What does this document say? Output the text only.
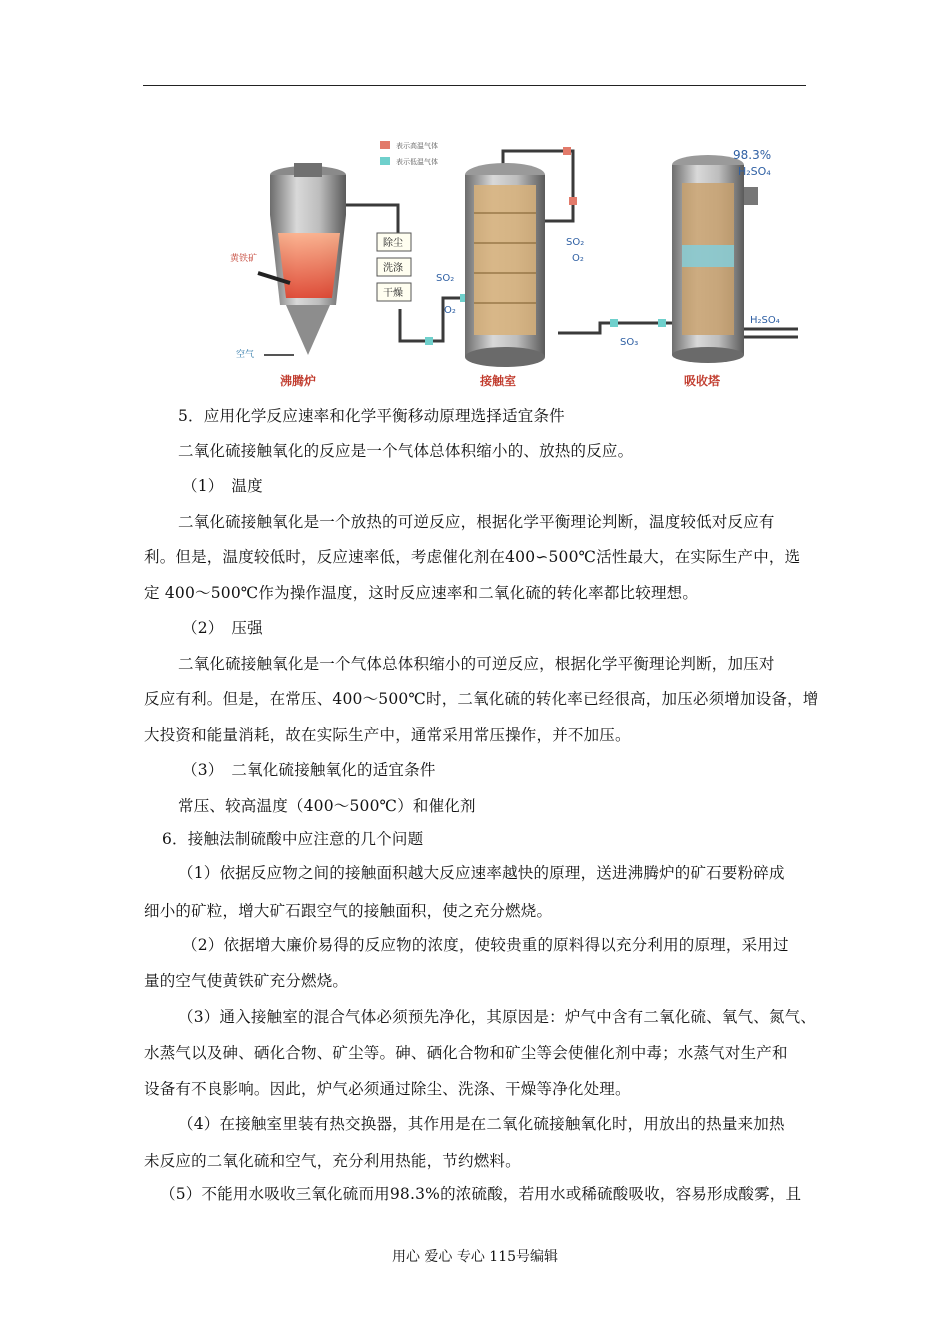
表示高温气体
表示低温气体
黄铁矿
空气
除尘
洗涤
干燥
SO₂
O₂
SO₂
O₂
SO₃
98.3%
H₂SO₄
H₂SO₄
沸腾炉	接触室	吸收塔
5．应用化学反应速率和化学平衡移动原理选择适宜条件
二氧化硫接触氧化的反应是一个气体总体积缩小的、放热的反应。
（1）　温度
二氧化硫接触氧化是一个放热的可逆反应，根据化学平衡理论判断，温度较低对反应有
利。但是，温度较低时，反应速率低，考虑催化剂在400∽500℃活性最大，在实际生产中，选
定 400～500℃作为操作温度，这时反应速率和二氧化硫的转化率都比较理想。
（2）　压强
二氧化硫接触氧化是一个气体总体积缩小的可逆反应，根据化学平衡理论判断，加压对
反应有利。但是，在常压、400～500℃时，二氧化硫的转化率已经很高，加压必须增加设备，增
大投资和能量消耗，故在实际生产中，通常采用常压操作，并不加压。
（3）　二氧化硫接触氧化的适宜条件
常压、较高温度（400～500℃）和催化剂
6．接触法制硫酸中应注意的几个问题
（1）依据反应物之间的接触面积越大反应速率越快的原理，送进沸腾炉的矿石要粉碎成
细小的矿粒，增大矿石跟空气的接触面积，使之充分燃烧。
（2）依据增大廉价易得的反应物的浓度，使较贵重的原料得以充分利用的原理，采用过
量的空气使黄铁矿充分燃烧。
（3）通入接触室的混合气体必须预先净化，其原因是：炉气中含有二氧化硫、氧气、氮气、
水蒸气以及砷、硒化合物、矿尘等。砷、硒化合物和矿尘等会使催化剂中毒；水蒸气对生产和
设备有不良影响。因此，炉气必须通过除尘、洗涤、干燥等净化处理。
（4）在接触室里装有热交换器，其作用是在二氧化硫接触氧化时，用放出的热量来加热
未反应的二氧化硫和空气，充分利用热能，节约燃料。
（5）不能用水吸收三氧化硫而用98.3%的浓硫酸，若用水或稀硫酸吸收，容易形成酸雾，且
用心 爱心 专心 115号编辑
